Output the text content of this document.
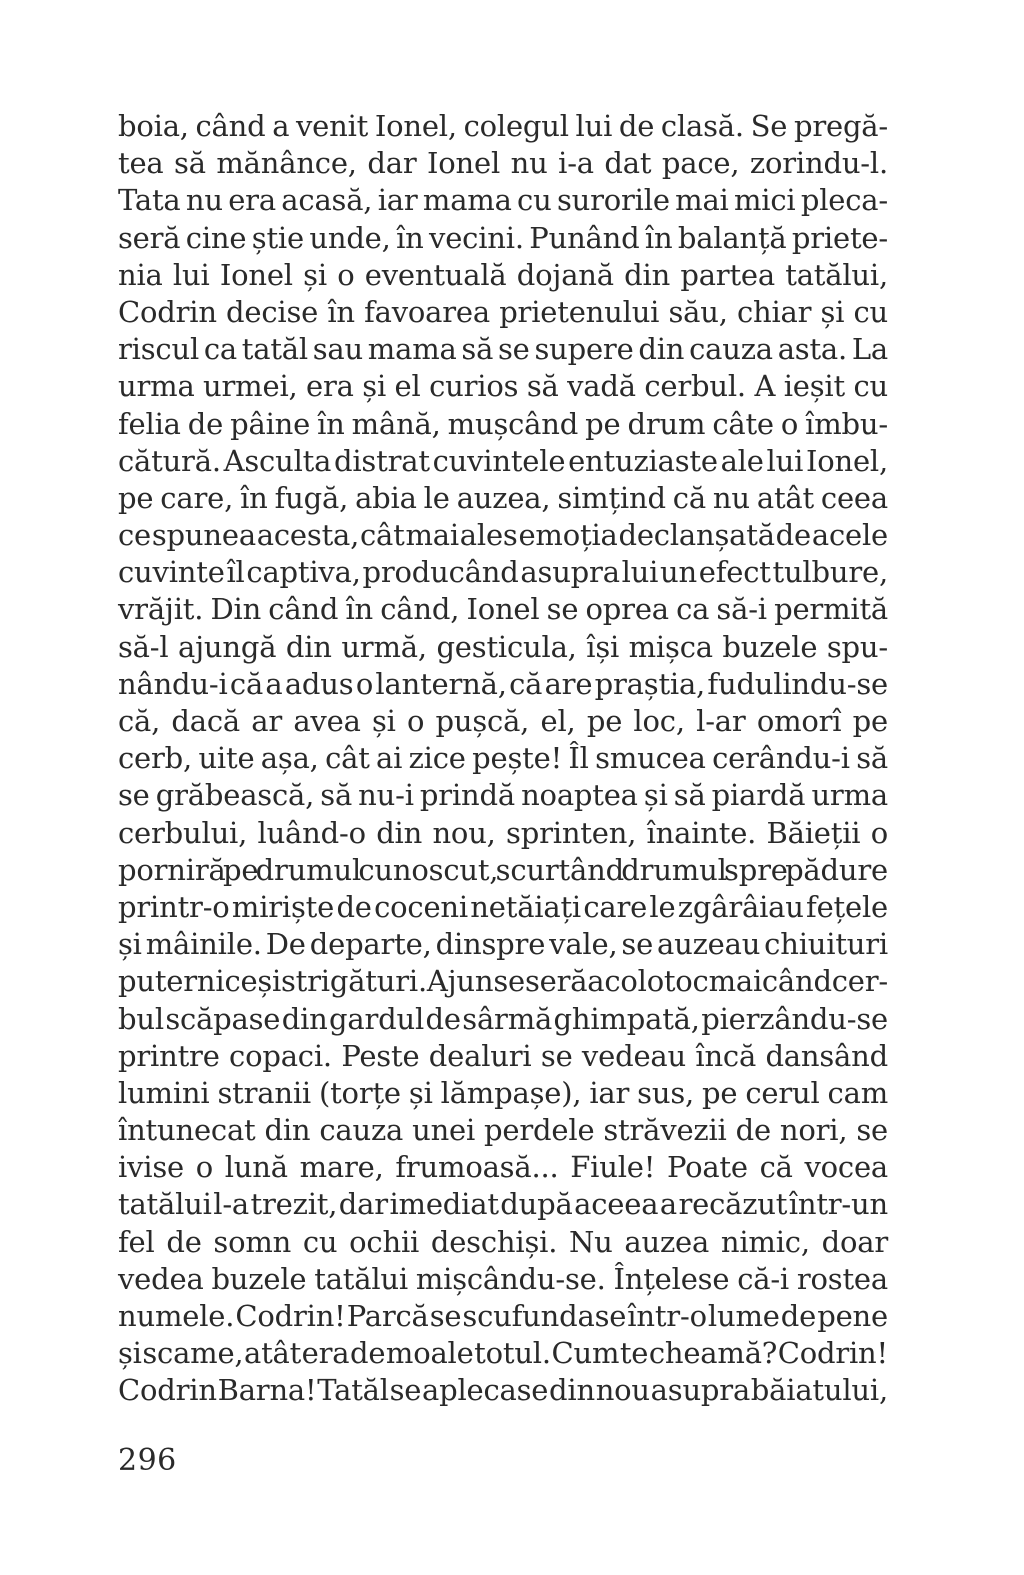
boia, când a venit Ionel, colegul lui de clasă. Se pregă-
tea să mănânce, dar Ionel nu i-a dat pace, zorindu-l.
Tata nu era acasă, iar mama cu surorile mai mici pleca-
seră cine știe unde, în vecini. Punând în balanță priete-
nia lui Ionel și o eventuală dojană din partea tatălui,
Codrin decise în favoarea prietenului său, chiar și cu
riscul ca tatăl sau mama să se supere din cauza asta. La
urma urmei, era și el curios să vadă cerbul. A ieșit cu
felia de pâine în mână, mușcând pe drum câte o îmbu-
cătură. Asculta distrat cuvintele entuziaste ale lui Ionel,
pe care, în fugă, abia le auzea, simțind că nu atât ceea
ce spunea acesta, cât mai ales emoția declanșată de acele
cuvinte îl captiva, producând asupra lui un efect tulbure,
vrăjit. Din când în când, Ionel se oprea ca să-i permită
să-l ajungă din urmă, gesticula, își mișca buzele spu-
nându-i că a adus o lanternă, că are praștia, fudulindu-se
că, dacă ar avea și o pușcă, el, pe loc, l-ar omorî pe
cerb, uite așa, cât ai zice pește! Îl smucea cerându-i să
se grăbească, să nu-i prindă noaptea și să piardă urma
cerbului, luând-o din nou, sprinten, înainte. Băieții o
porniră pe drumul cunoscut, scurtând drumul spre pădure
printr-o miriște de coceni netăiați care le zgârâiau fețele
și mâinile. De departe, dinspre vale, se auzeau chiuituri
puternice și strigături. Ajunseseră acolo tocmai când cer-
bul scăpase din gardul de sârmă ghimpată, pierzându-se
printre copaci. Peste dealuri se vedeau încă dansând
lumini stranii (torțe și lămpașe), iar sus, pe cerul cam
întunecat din cauza unei perdele străvezii de nori, se
ivise o lună mare, frumoasă... Fiule! Poate că vocea
tatălui l-a trezit, dar imediat după aceea a recăzut într-un
fel de somn cu ochii deschiși. Nu auzea nimic, doar
vedea buzele tatălui mișcându-se. Înțelese că-i rostea
numele. Codrin! Parcă se scufundase într-o lume de pene
și scame, atât era de moale totul. Cum te cheamă? Codrin!
Codrin Barna! Tatăl se aplecase din nou asupra băiatului,
296
